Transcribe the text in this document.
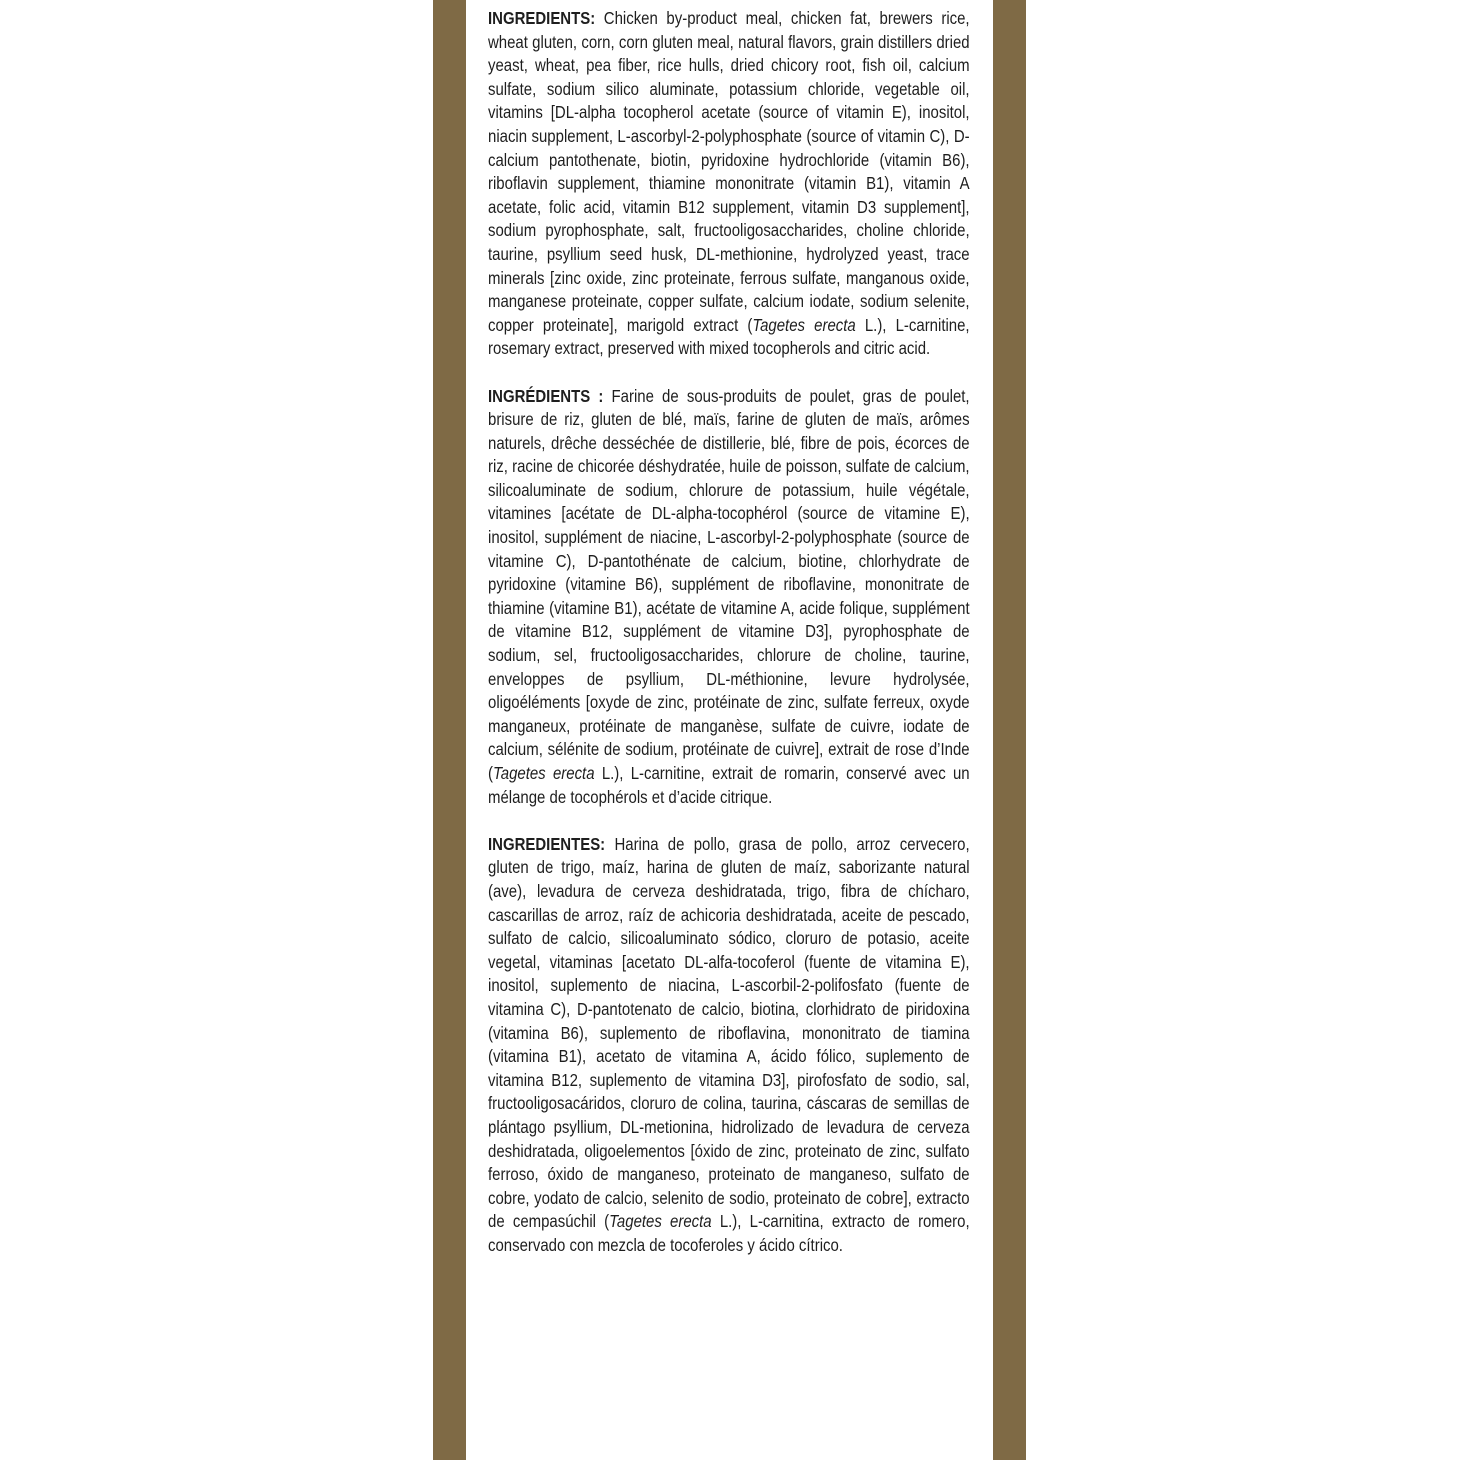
INGREDIENTS: Chicken by-product meal, chicken fat, brewers rice, wheat gluten, corn, corn gluten meal, natural flavors, grain distillers dried yeast, wheat, pea fiber, rice hulls, dried chicory root, fish oil, calcium sulfate, sodium silico aluminate, potassium chloride, vegetable oil, vitamins [DL-alpha tocopherol acetate (source of vitamin E), inositol, niacin supplement, L-ascorbyl-2-polyphosphate (source of vitamin C), D-calcium pantothenate, biotin, pyridoxine hydrochloride (vitamin B6), riboflavin supplement, thiamine mononitrate (vitamin B1), vitamin A acetate, folic acid, vitamin B12 supplement, vitamin D3 supplement], sodium pyrophosphate, salt, fructooligosaccharides, choline chloride, taurine, psyllium seed husk, DL-methionine, hydrolyzed yeast, trace minerals [zinc oxide, zinc proteinate, ferrous sulfate, manganous oxide, manganese proteinate, copper sulfate, calcium iodate, sodium selenite, copper proteinate], marigold extract (Tagetes erecta L.), L-carnitine, rosemary extract, preserved with mixed tocopherols and citric acid.

INGRÉDIENTS : Farine de sous-produits de poulet, gras de poulet, brisure de riz, gluten de blé, maïs, farine de gluten de maïs, arômes naturels, drêche desséchée de distillerie, blé, fibre de pois, écorces de riz, racine de chicorée déshydratée, huile de poisson, sulfate de calcium, silicoaluminate de sodium, chlorure de potassium, huile végétale, vitamines [acétate de DL-alpha-tocophérol (source de vitamine E), inositol, supplément de niacine, L-ascorbyl-2-polyphosphate (source de vitamine C), D-pantothénate de calcium, biotine, chlorhydrate de pyridoxine (vitamine B6), supplément de riboflavine, mononitrate de thiamine (vitamine B1), acétate de vitamine A, acide folique, supplément de vitamine B12, supplément de vitamine D3], pyrophosphate de sodium, sel, fructooligosaccharides, chlorure de choline, taurine, enveloppes de psyllium, DL-méthionine, levure hydrolysée, oligoéléments [oxyde de zinc, protéinate de zinc, sulfate ferreux, oxyde manganeux, protéinate de manganèse, sulfate de cuivre, iodate de calcium, sélénite de sodium, protéinate de cuivre], extrait de rose d’Inde (Tagetes erecta L.), L-carnitine, extrait de romarin, conservé avec un mélange de tocophérols et d’acide citrique.

INGREDIENTES: Harina de pollo, grasa de pollo, arroz cervecero, gluten de trigo, maíz, harina de gluten de maíz, saborizante natural (ave), levadura de cerveza deshidratada, trigo, fibra de chícharo, cascarillas de arroz, raíz de achicoria deshidratada, aceite de pescado, sulfato de calcio, silicoaluminato sódico, cloruro de potasio, aceite vegetal, vitaminas [acetato DL-alfa-tocoferol (fuente de vitamina E), inositol, suplemento de niacina, L-ascorbil-2-polifosfato (fuente de vitamina C), D-pantotenato de calcio, biotina, clorhidrato de piridoxina (vitamina B6), suplemento de riboflavina, mononitrato de tiamina (vitamina B1), acetato de vitamina A, ácido fólico, suplemento de vitamina B12, suplemento de vitamina D3], pirofosfato de sodio, sal, fructooligosacáridos, cloruro de colina, taurina, cáscaras de semillas de plántago psyllium, DL-metionina, hidrolizado de levadura de cerveza deshidratada, oligoelementos [óxido de zinc, proteinato de zinc, sulfato ferroso, óxido de manganeso, proteinato de manganeso, sulfato de cobre, yodato de calcio, selenito de sodio, proteinato de cobre], extracto de cempasúchil (Tagetes erecta L.), L-carnitina, extracto de romero, conservado con mezcla de tocoferoles y ácido cítrico.
